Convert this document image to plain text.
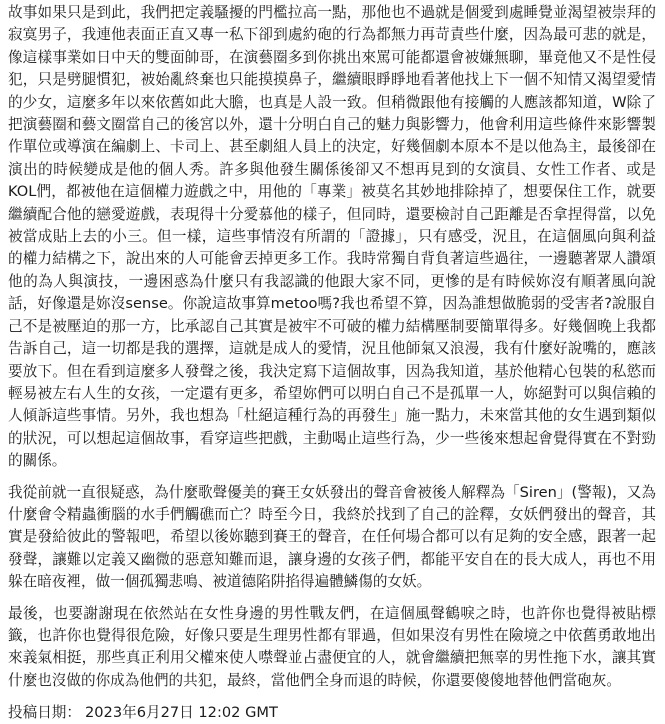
故事如果只是到此，我們把定義騷擾的門檻拉高一點，那他也不過就是個愛到處睡覺並渴望被崇拜的寂寞男子，我連他表面正直又專一私下卻到處約砲的行為都無力再苛責些什麼，因為最可悲的就是，像這樣事業如日中天的雙面帥哥，在演藝圈多到你挑出來罵可能都還會被嫌無聊，畢竟他又不是性侵犯，只是劈腿慣犯，被始亂終棄也只能摸摸鼻子，繼續眼睜睜地看著他找上下一個不知情又渴望愛情的少女，這麼多年以來依舊如此大膽，也真是人設一致。但稍微跟他有接觸的人應該都知道，W除了把演藝圈和藝文圈當自己的後宮以外，還十分明白自己的魅力與影響力，他會利用這些條件來影響製作單位或導演在編劇上、卡司上、甚至劇組人員上的決定，好幾個劇本原本不是以他為主，最後卻在演出的時候變成是他的個人秀。許多與他發生關係後卻又不想再見到的女演員、女性工作者、或是KOL們，都被他在這個權力遊戲之中，用他的「專業」被莫名其妙地排除掉了，想要保住工作，就要繼續配合他的戀愛遊戲，表現得十分愛慕他的樣子，但同時，還要檢討自己距離是否拿捏得當，以免被當成貼上去的小三。但一樣，這些事情沒有所謂的「證據」，只有感受，況且，在這個風向與利益的權力結構之下，說出來的人可能會丟掉更多工作。我時常獨自背負著這些過往，一邊聽著眾人讚頌他的為人與演技，一邊困惑為什麼只有我認識的他跟大家不同，更慘的是有時候妳沒有順著風向說話，好像還是妳沒sense。你說這故事算metoo嗎?我也希望不算，因為誰想做脆弱的受害者?說服自己不是被壓迫的那一方，比承認自己其實是被牢不可破的權力結構壓制要簡單得多。好幾個晚上我都告訴自己，這一切都是我的選擇，這就是成人的愛情，況且他師氣又浪漫，我有什麼好說嘴的，應該要放下。但在看到這麼多人發聲之後，我決定寫下這個故事，因為我知道，基於他精心包裝的私慾而輕易被左右人生的女孩，一定還有更多，希望妳們可以明白自己不是孤單一人，妳絕對可以與信賴的人傾訴這些事情。另外，我也想為「杜絕這種行為的再發生」施一點力，未來當其他的女生遇到類似的狀況，可以想起這個故事，看穿這些把戲，主動喝止這些行為，少一些後來想起會覺得實在不對勁的關係。

我從前就一直很疑惑，為什麼歌聲優美的賽王女妖發出的聲音會被後人解釋為「Siren」(警報)，又為什麼會令精蟲衝腦的水手們觸礁而亡？時至今日，我終於找到了自己的詮釋，女妖們發出的聲音，其實是發給彼此的警報吧，希望以後妳聽到賽王的聲音，在任何場合都可以有足夠的安全感，跟著一起發聲，讓難以定義又幽微的惡意知難而退，讓身邊的女孩子們，都能平安自在的長大成人，再也不用躲在暗夜裡，做一個孤獨悲鳴、被道德陷阱掐得遍體鱗傷的女妖。

最後，也要謝謝現在依然站在女性身邊的男性戰友們，在這個風聲鶴唳之時，也許你也覺得被貼標籤，也許你也覺得很危險，好像只要是生理男性都有罪過，但如果沒有男性在險境之中依舊勇敢地出來義氣相挺，那些真正利用父權來使人噤聲並占盡便宜的人，就會繼續把無辜的男性拖下水，讓其實什麼也沒做的你成為他們的共犯，最終，當他們全身而退的時候，你還要傻傻地替他們當砲灰。

投稿日期： 2023年6月27日 12:02 GMT
